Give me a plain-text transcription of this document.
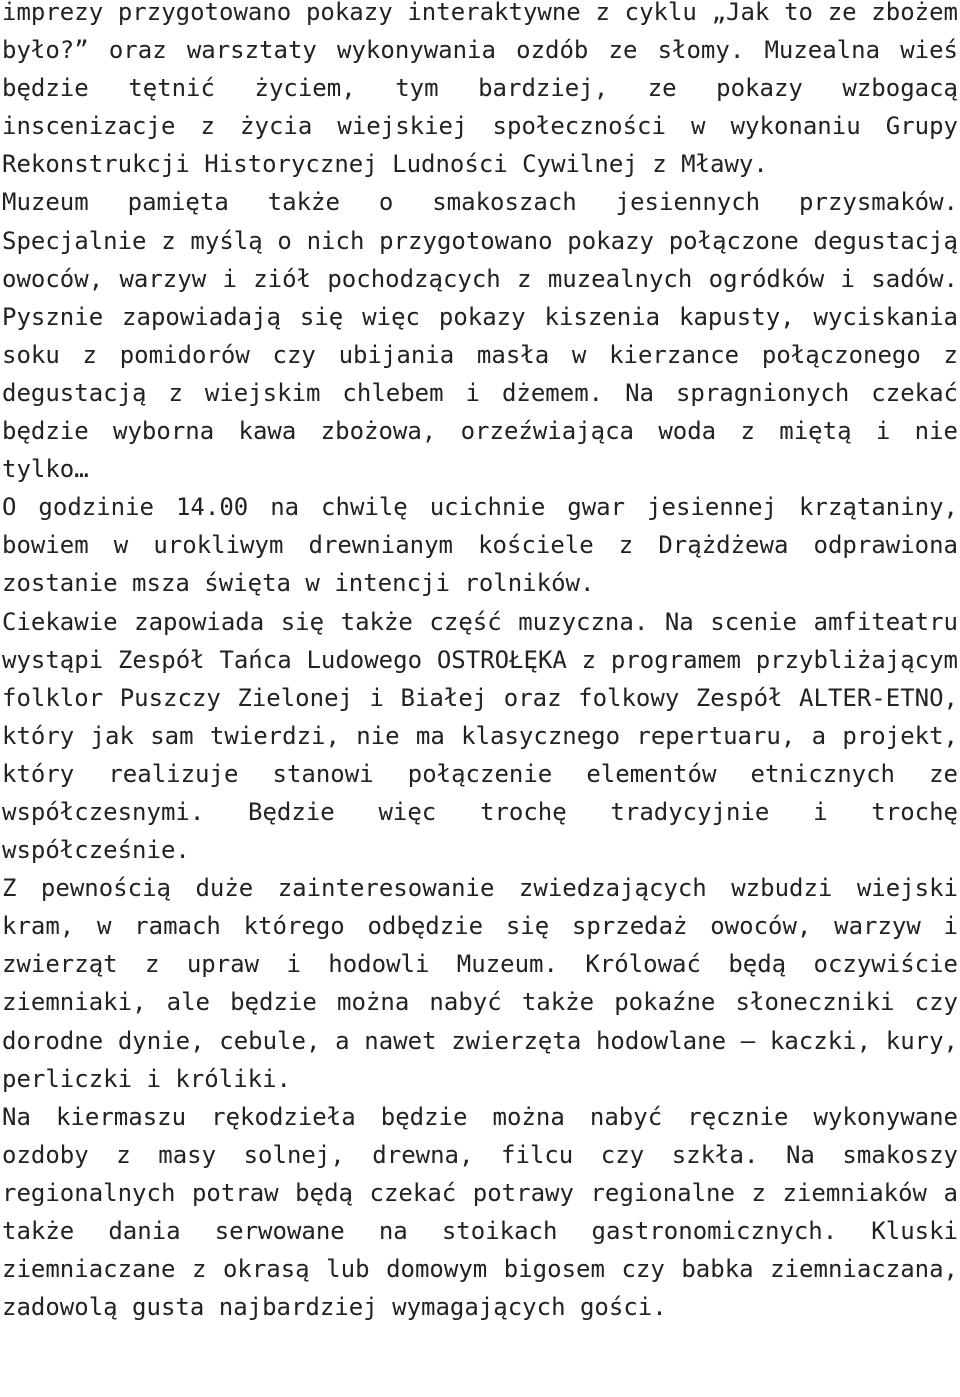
imprezy przygotowano pokazy interaktywne z cyklu „Jak to ze zbożem było?” oraz warsztaty wykonywania ozdób ze słomy. Muzealna wieś będzie tętnić życiem, tym bardziej, ze pokazy wzbogacą inscenizacje z życia wiejskiej społeczności w wykonaniu Grupy Rekonstrukcji Historycznej Ludności Cywilnej z Mławy.

Muzeum pamięta także o smakoszach jesiennych przysmaków. Specjalnie z myślą o nich przygotowano pokazy połączone degustacją owoców, warzyw i ziół pochodzących z muzealnych ogródków i sadów. Pysznie zapowiadają się więc pokazy kiszenia kapusty, wyciskania soku z pomidorów czy ubijania masła w kierzance połączonego z degustacją z wiejskim chlebem i dżemem. Na spragnionych czekać będzie wyborna kawa zbożowa, orzeźwiająca woda z miętą i nie tylko…

O godzinie 14.00 na chwilę ucichnie gwar jesiennej krzątaniny, bowiem w urokliwym drewnianym kościele z Drążdżewa odprawiona zostanie msza święta w intencji rolników.

Ciekawie zapowiada się także część muzyczna. Na scenie amfiteatru wystąpi Zespół Tańca Ludowego OSTROŁĘKA z programem przybliżającym folklor Puszczy Zielonej i Białej oraz folkowy Zespół ALTER-ETNO, który jak sam twierdzi, nie ma klasycznego repertuaru, a projekt, który realizuje stanowi połączenie elementów etnicznych ze współczesnymi. Będzie więc trochę tradycyjnie i trochę współcześnie.

Z pewnością duże zainteresowanie zwiedzających wzbudzi wiejski kram, w ramach którego odbędzie się sprzedaż owoców, warzyw i zwierząt z upraw i hodowli Muzeum. Królować będą oczywiście ziemniaki, ale będzie można nabyć także pokaźne słoneczniki czy dorodne dynie, cebule, a nawet zwierzęta hodowlane – kaczki, kury, perliczki i króliki.

Na kiermaszu rękodzieła będzie można nabyć ręcznie wykonywane ozdoby z masy solnej, drewna, filcu czy szkła. Na smakoszy regionalnych potraw będą czekać potrawy regionalne z ziemniaków a także dania serwowane na stoikach gastronomicznych. Kluski ziemniaczane z okrasą lub domowym bigosem czy babka ziemniaczana, zadowolą gusta najbardziej wymagających gości.
